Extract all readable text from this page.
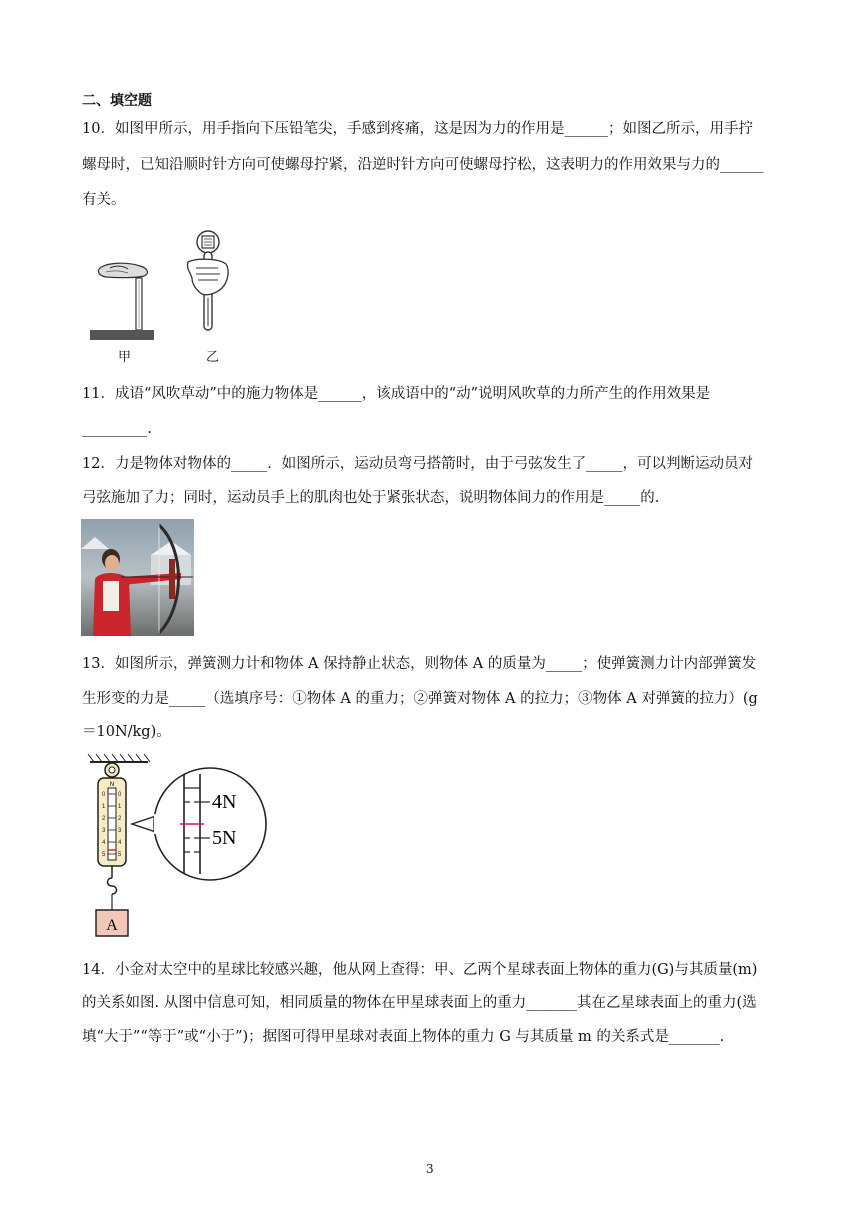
二、填空题
10．如图甲所示，用手指向下压铅笔尖，手感到疼痛，这是因为力的作用是______；如图乙所示，用手拧
螺母时，已知沿顺时针方向可使螺母拧紧，沿逆时针方向可使螺母拧松，这表明力的作用效果与力的______
有关。
甲	乙
11．成语“风吹草动”中的施力物体是______，该成语中的“动”说明风吹草的力所产生的作用效果是
_________.
12．力是物体对物体的_____．如图所示，运动员弯弓搭箭时，由于弓弦发生了_____，可以判断运动员对
弓弦施加了力；同时，运动员手上的肌肉也处于紧张状态，说明物体间力的作用是_____的.
13．如图所示，弹簧测力计和物体 A 保持静止状态，则物体 A 的质量为_____；使弹簧测力计内部弹簧发
生形变的力是_____（选填序号：①物体 A 的重力；②弹簧对物体 A 的拉力；③物体 A 对弹簧的拉力）(g
＝10N/kg)。
N
0
1
2
3
4
5
0
1
2
3
4
5
A
4N
5N
14．小金对太空中的星球比较感兴趣，他从网上查得：甲、乙两个星球表面上物体的重力(G)与其质量(m)
的关系如图. 从图中信息可知，相同质量的物体在甲星球表面上的重力_______其在乙星球表面上的重力(选
填“大于”“等于”或“小于”)；据图可得甲星球对表面上物体的重力 G 与其质量 m 的关系式是_______.
3
